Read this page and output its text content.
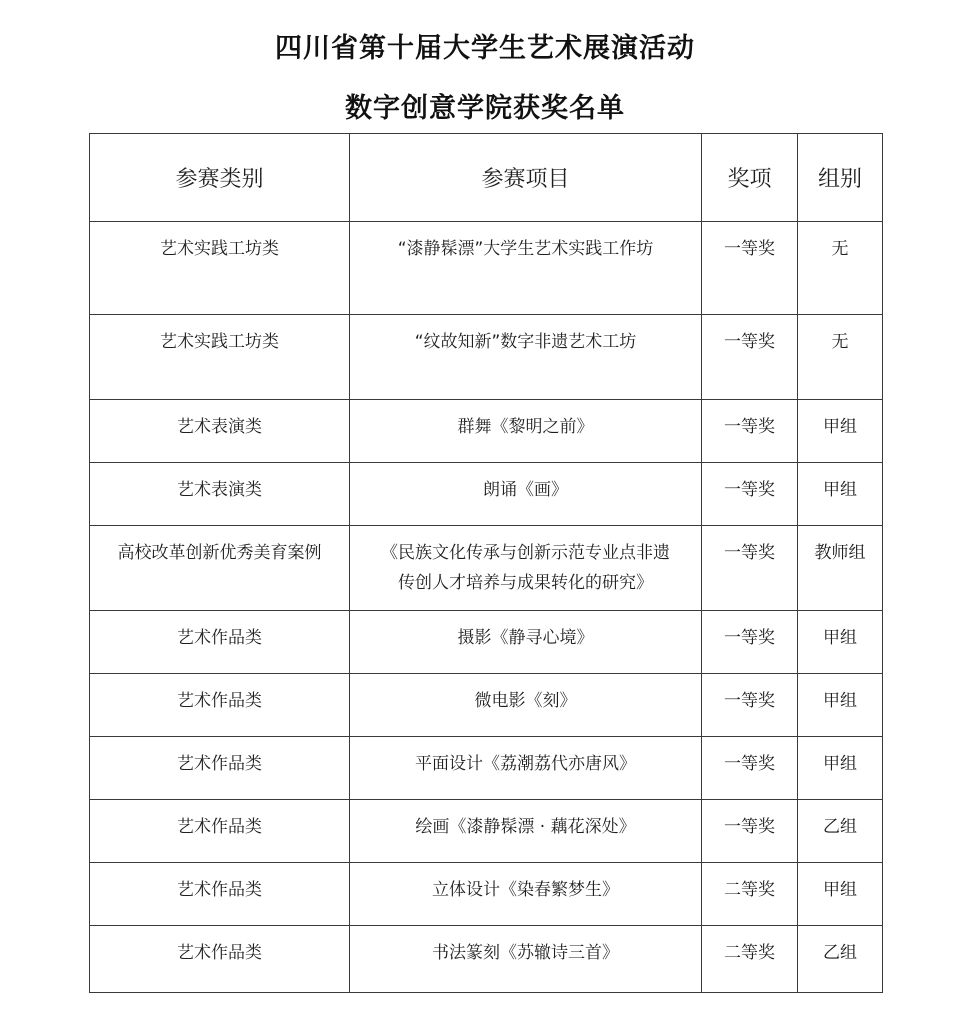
四川省第十届大学生艺术展演活动
数字创意学院获奖名单
参赛类别	参赛项目	奖项	组别

艺术实践工坊类	“漆静髹漂”大学生艺术实践工作坊	一等奖	无

艺术实践工坊类	“纹故知新”数字非遗艺术工坊	一等奖	无

艺术表演类	群舞《黎明之前》	一等奖	甲组

艺术表演类	朗诵《画》	一等奖	甲组

高校改革创新优秀美育案例	《民族文化传承与创新示范专业点非遗
传创人才培养与成果转化的研究》	一等奖	教师组

艺术作品类	摄影《静寻心境》	一等奖	甲组

艺术作品类	微电影《刻》	一等奖	甲组

艺术作品类	平面设计《荔潮荔代亦唐风》	一等奖	甲组

艺术作品类	绘画《漆静髹漂 · 藕花深处》	一等奖	乙组

艺术作品类	立体设计《染春繁梦生》	二等奖	甲组

艺术作品类	书法篆刻《苏辙诗三首》	二等奖	乙组
